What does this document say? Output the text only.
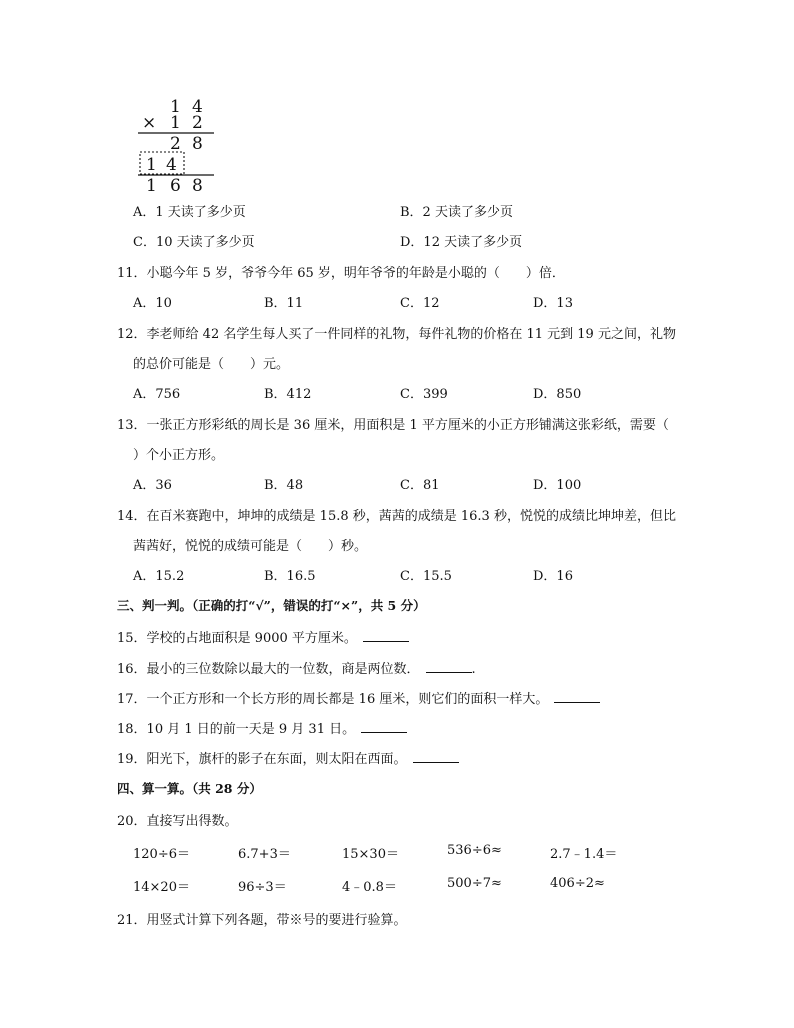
1 4
× 1 2
2 8
1 4
1 6 8
A．1 天读了多少页	B．2 天读了多少页
C．10 天读了多少页	D．12 天读了多少页
11．小聪今年 5 岁，爷爷今年 65 岁，明年爷爷的年龄是小聪的（　　）倍．
A．10	B．11	C．12	D．13
12．李老师给 42 名学生每人买了一件同样的礼物，每件礼物的价格在 11 元到 19 元之间，礼物
的总价可能是（　　）元。
A．756	B．412	C．399	D．850
13．一张正方形彩纸的周长是 36 厘米，用面积是 1 平方厘米的小正方形铺满这张彩纸，需要（
）个小正方形。
A．36	B．48	C．81	D．100
14．在百米赛跑中，坤坤的成绩是 15.8 秒，茜茜的成绩是 16.3 秒，悦悦的成绩比坤坤差，但比
茜茜好，悦悦的成绩可能是（　　）秒。
A．15.2	B．16.5	C．15.5	D．16
三、判一判。（正确的打“√”，错误的打“×”，共 5 分）
15．学校的占地面积是 9000 平方厘米。
16．最小的三位数除以最大的一位数，商是两位数．	.
17．一个正方形和一个长方形的周长都是 16 厘米，则它们的面积一样大。
18．10 月 1 日的前一天是 9 月 31 日。
19．阳光下，旗杆的影子在东面，则太阳在西面。
四、算一算。（共 28 分）
20．直接写出得数。
120÷6＝	6.7+3＝	15×30＝	536÷6≈	2.7﹣1.4＝
14×20＝	96÷3＝	4﹣0.8＝	500÷7≈	406÷2≈
21．用竖式计算下列各题，带※号的要进行验算。
